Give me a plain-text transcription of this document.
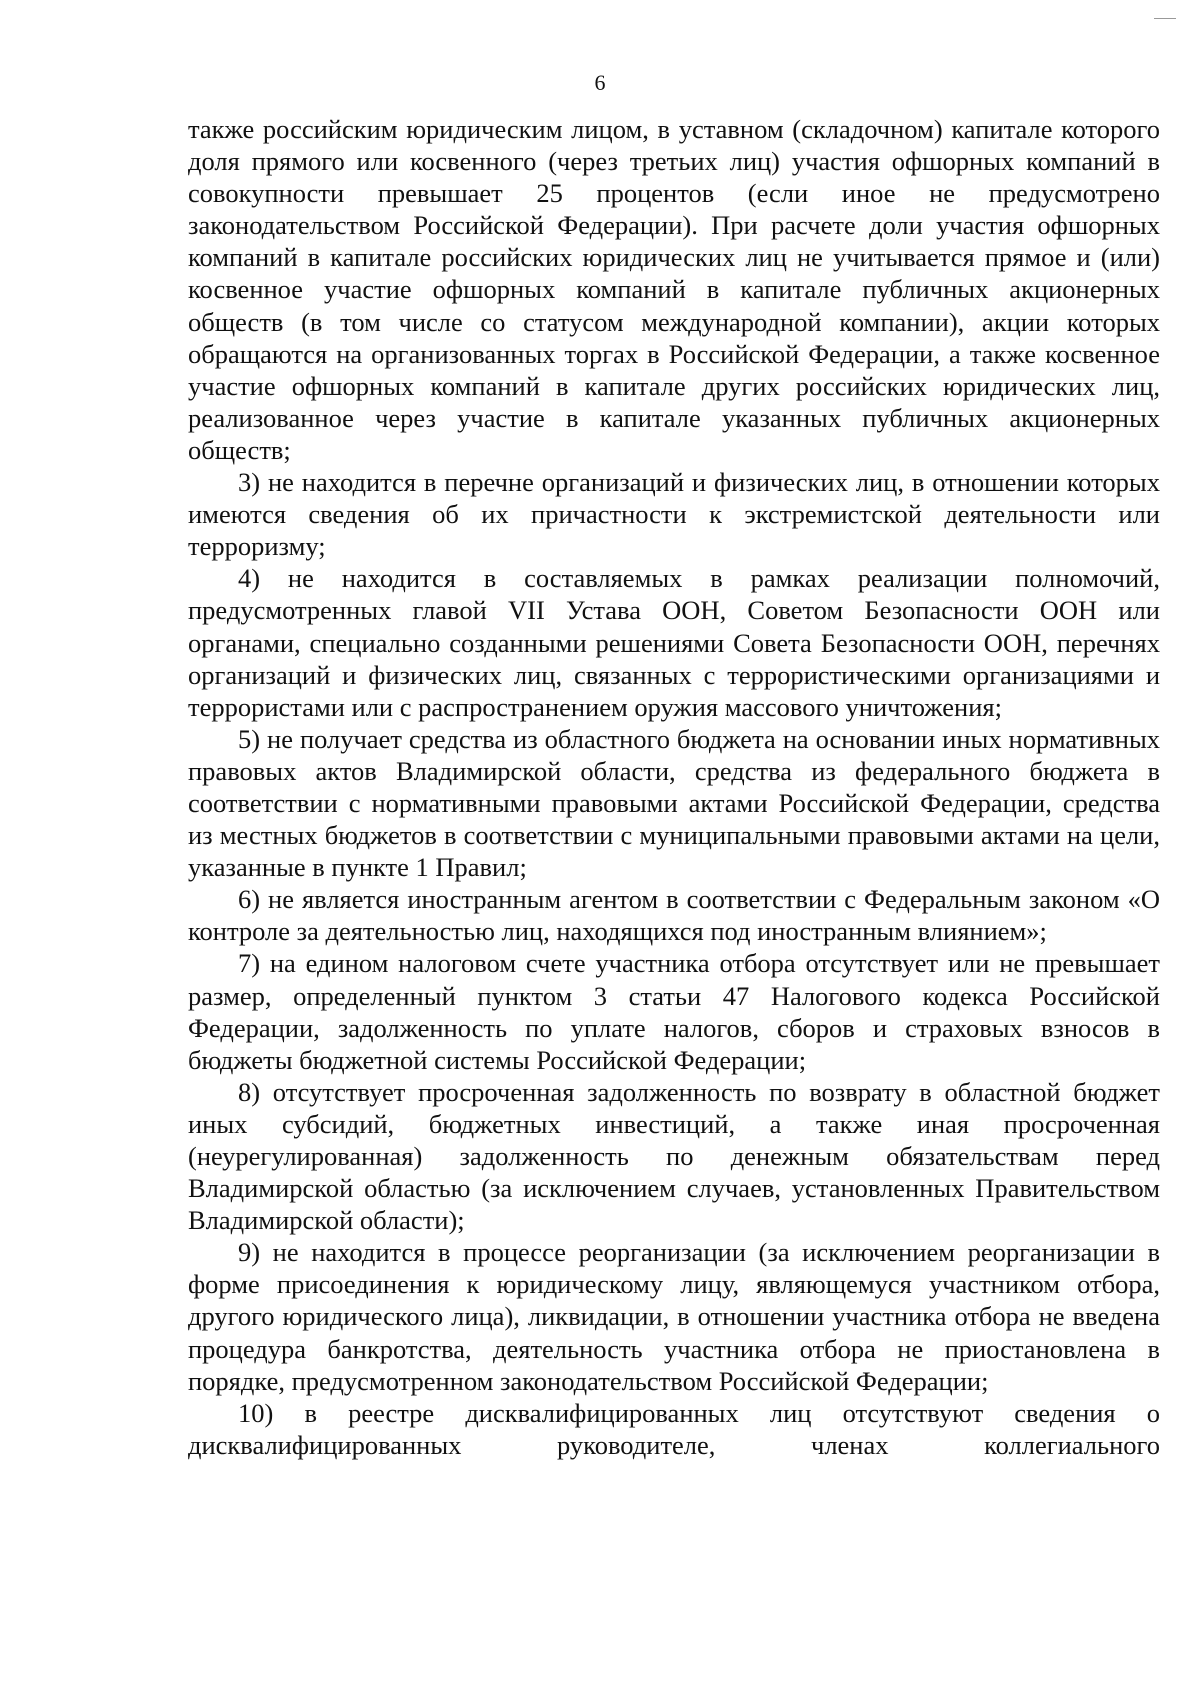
6

также российским юридическим лицом, в уставном (складочном) капитале которого доля прямого или косвенного (через третьих лиц) участия офшорных компаний в совокупности превышает 25 процентов (если иное не предусмотрено законодательством Российской Федерации). При расчете доли участия офшорных компаний в капитале российских юридических лиц не учитывается прямое и (или) косвенное участие офшорных компаний в капитале публичных акционерных обществ (в том числе со статусом международной компании), акции которых обращаются на организованных торгах в Российской Федерации, а также косвенное участие офшорных компаний в капитале других российских юридических лиц, реализованное через участие в капитале указанных публичных акционерных обществ;

3) не находится в перечне организаций и физических лиц, в отношении которых имеются сведения об их причастности к экстремистской деятельности или терроризму;

4) не находится в составляемых в рамках реализации полномочий, предусмотренных главой VII Устава ООН, Советом Безопасности ООН или органами, специально созданными решениями Совета Безопасности ООН, перечнях организаций и физических лиц, связанных с террористическими организациями и террористами или с распространением оружия массового уничтожения;

5) не получает средства из областного бюджета на основании иных нормативных правовых актов Владимирской области, средства из федерального бюджета в соответствии с нормативными правовыми актами Российской Федерации, средства из местных бюджетов в соответствии с муниципальными правовыми актами на цели, указанные в пункте 1 Правил;

6) не является иностранным агентом в соответствии с Федеральным законом «О контроле за деятельностью лиц, находящихся под иностранным влиянием»;

7) на едином налоговом счете участника отбора отсутствует или не превышает размер, определенный пунктом 3 статьи 47 Налогового кодекса Российской Федерации, задолженность по уплате налогов, сборов и страховых взносов в бюджеты бюджетной системы Российской Федерации;

8) отсутствует просроченная задолженность по возврату в областной бюджет иных субсидий, бюджетных инвестиций, а также иная просроченная (неурегулированная) задолженность по денежным обязательствам перед Владимирской областью (за исключением случаев, установленных Правительством Владимирской области);

9) не находится в процессе реорганизации (за исключением реорганизации в форме присоединения к юридическому лицу, являющемуся участником отбора, другого юридического лица), ликвидации, в отношении участника отбора не введена процедура банкротства, деятельность участника отбора не приостановлена в порядке, предусмотренном законодательством Российской Федерации;

10) в реестре дисквалифицированных лиц отсутствуют сведения о дисквалифицированных руководителе, членах коллегиального
